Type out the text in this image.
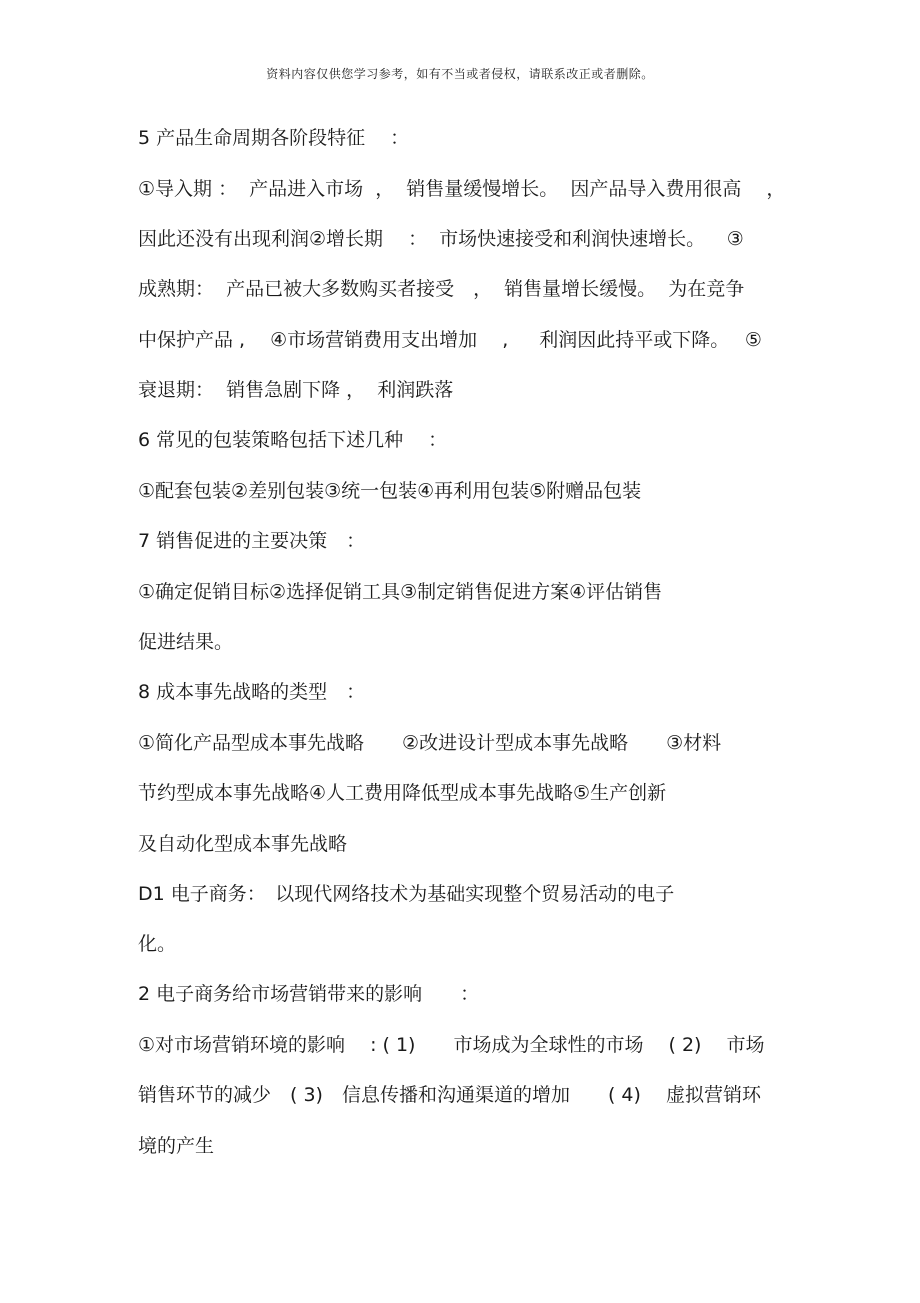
资料内容仅供您学习参考，如有不当或者侵权，请联系改正或者删除。
5 产品生命周期各阶段特征　 ：
①导入期 ：  产品进入市场  ，  销售量缓慢增长。  因产品导入费用很高　 ，
因此还没有出现利润②增长期　 ：  市场快速接受和利润快速增长。　  ③
成熟期：  产品已被大多数购买者接受　，  销售量增长缓慢。  为在竞争
中保护产品 ,　 ④市场营销费用支出增加　 ,　  利润因此持平或下降。　 ⑤
衰退期：  销售急剧下降 ，  利润跌落
6 常见的包装策略包括下述几种　 ：
①配套包装②差别包装③统一包装④再利用包装⑤附赠品包装
7 销售促进的主要决策　：
①确定促销目标②选择促销工具③制定销售促进方案④评估销售
促进结果。
8 成本事先战略的类型　：
①简化产品型成本事先战略　　②改进设计型成本事先战略　　③材料
节约型成本事先战略④人工费用降低型成本事先战略⑤生产创新
及自动化型成本事先战略
D1 电子商务：　以现代网络技术为基础实现整个贸易活动的电子
化。
2 电子商务给市场营销带来的影响　　：
①对市场营销环境的影响　 : ( 1)　　市场成为全球性的市场　 ( 2)　 市场
销售环节的减少　( 3)　信息传播和沟通渠道的增加　　( 4)　 虚拟营销环
境的产生
